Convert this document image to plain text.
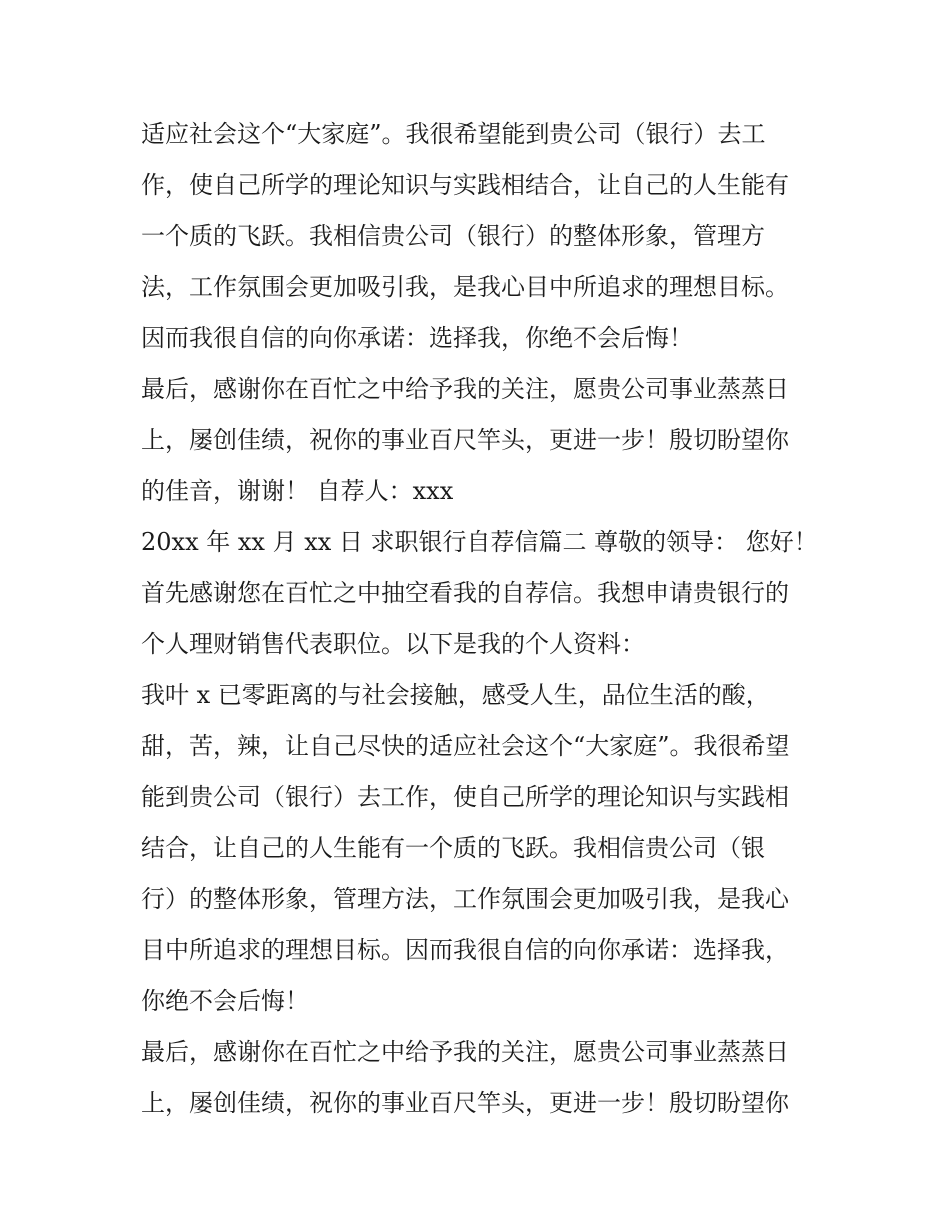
适应社会这个“大家庭”。我很希望能到贵公司（银行）去工
作，使自己所学的理论知识与实践相结合，让自己的人生能有
一个质的飞跃。我相信贵公司（银行）的整体形象，管理方
法，工作氛围会更加吸引我，是我心目中所追求的理想目标。
因而我很自信的向你承诺：选择我，你绝不会后悔！
最后，感谢你在百忙之中给予我的关注，愿贵公司事业蒸蒸日
上，屡创佳绩，祝你的事业百尺竿头，更进一步！殷切盼望你
的佳音，谢谢！ 自荐人：xxx
20xx 年 xx 月 xx 日 求职银行自荐信篇二 尊敬的领导： 您好！
首先感谢您在百忙之中抽空看我的自荐信。我想申请贵银行的
个人理财销售代表职位。以下是我的个人资料：
我叶 x 已零距离的与社会接触，感受人生，品位生活的酸，
甜，苦，辣，让自己尽快的适应社会这个“大家庭”。我很希望
能到贵公司（银行）去工作，使自己所学的理论知识与实践相
结合，让自己的人生能有一个质的飞跃。我相信贵公司（银
行）的整体形象，管理方法，工作氛围会更加吸引我，是我心
目中所追求的理想目标。因而我很自信的向你承诺：选择我，
你绝不会后悔！
最后，感谢你在百忙之中给予我的关注，愿贵公司事业蒸蒸日
上，屡创佳绩，祝你的事业百尺竿头，更进一步！殷切盼望你
